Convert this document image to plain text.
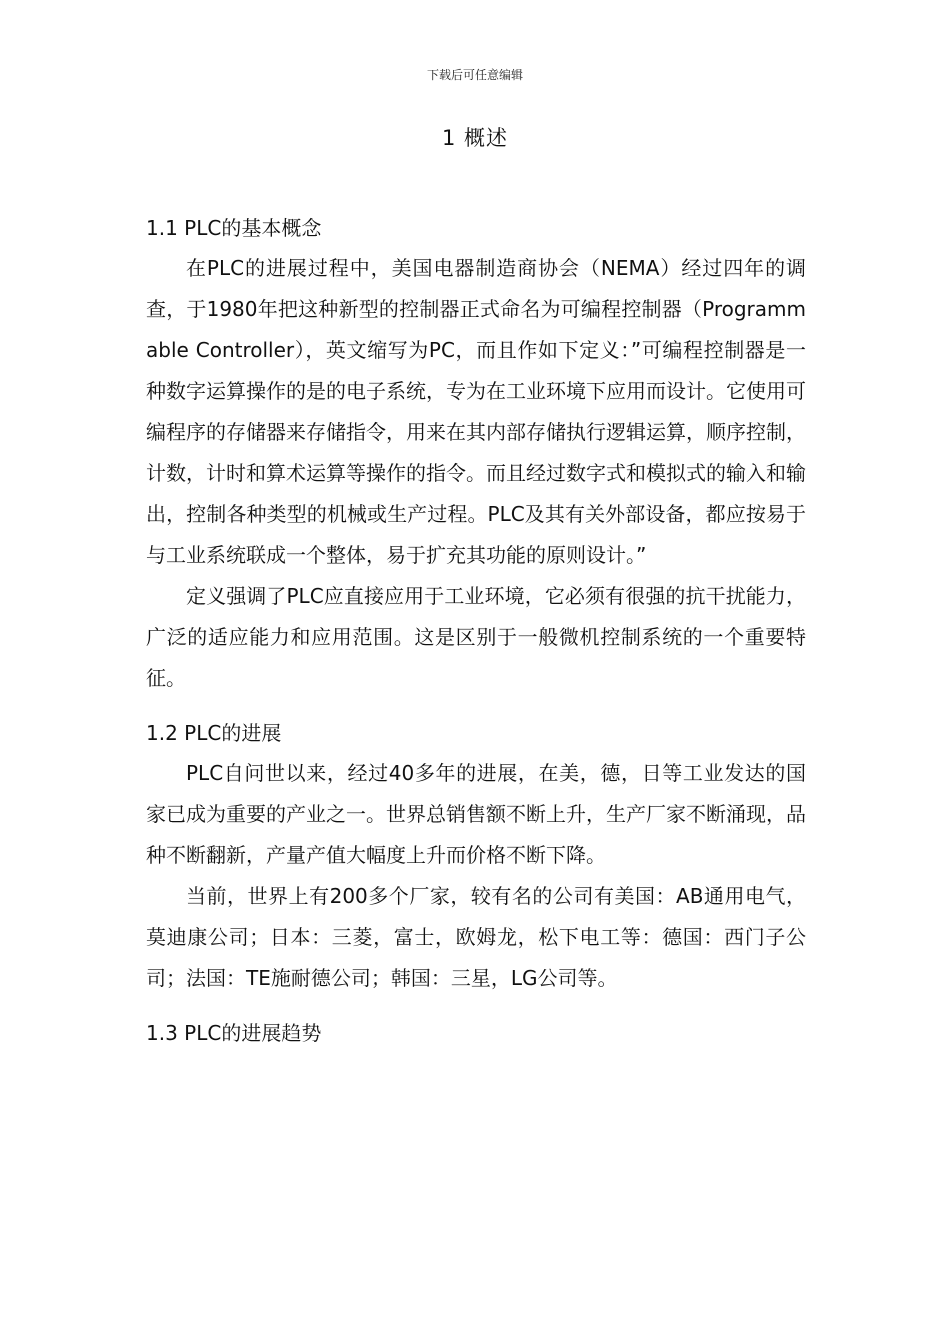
下载后可任意编辑
1 概述
1.1 PLC的基本概念

在PLC的进展过程中，美国电器制造商协会（NEMA）经过四年的调查，于1980年把这种新型的控制器正式命名为可编程控制器（Programmable Controller），英文缩写为PC，而且作如下定义：”可编程控制器是一种数字运算操作的是的电子系统，专为在工业环境下应用而设计。它使用可编程序的存储器来存储指令，用来在其内部存储执行逻辑运算，顺序控制，计数，计时和算术运算等操作的指令。而且经过数字式和模拟式的输入和输出，控制各种类型的机械或生产过程。PLC及其有关外部设备，都应按易于与工业系统联成一个整体，易于扩充其功能的原则设计。”

定义强调了PLC应直接应用于工业环境，它必须有很强的抗干扰能力，广泛的适应能力和应用范围。这是区别于一般微机控制系统的一个重要特征。

1.2 PLC的进展

PLC自问世以来，经过40多年的进展，在美，德，日等工业发达的国家已成为重要的产业之一。世界总销售额不断上升，生产厂家不断涌现，品种不断翻新，产量产值大幅度上升而价格不断下降。

当前，世界上有200多个厂家，较有名的公司有美国：AB通用电气，莫迪康公司；日本：三菱，富士，欧姆龙，松下电工等：德国：西门子公司；法国：TE施耐德公司；韩国：三星，LG公司等。

1.3 PLC的进展趋势
